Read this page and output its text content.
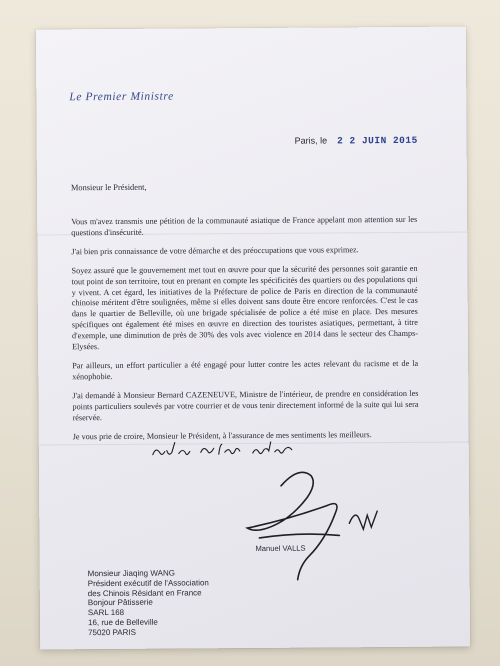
Le Premier Ministre
Paris, le 2 2 JUIN 2015
Monsieur le Président,

Vous m'avez transmis une pétition de la communauté asiatique de France appelant mon attention sur les questions d'insécurité.

J'ai bien pris connaissance de votre démarche et des préoccupations que vous exprimez.

Soyez assuré que le gouvernement met tout en œuvre pour que la sécurité des personnes soit garantie en tout point de son territoire, tout en prenant en compte les spécificités des quartiers ou des populations qui y vivent. A cet égard, les initiatives de la Préfecture de police de Paris en direction de la communauté chinoise méritent d'être soulignées, même si elles doivent sans doute être encore renforcées. C'est le cas dans le quartier de Belleville, où une brigade spécialisée de police a été mise en place. Des mesures spécifiques ont également été mises en œuvre en direction des touristes asiatiques, permettant, à titre d'exemple, une diminution de près de 30% des vols avec violence en 2014 dans le secteur des Champs-Elysées.

Par ailleurs, un effort particulier a été engagé pour lutter contre les actes relevant du racisme et de la xénophobie.

J'ai demandé à Monsieur Bernard CAZENEUVE, Ministre de l'intérieur, de prendre en considération les points particuliers soulevés par votre courrier et de vous tenir directement informé de la suite qui lui sera réservée.

Je vous prie de croire, Monsieur le Président, à l'assurance de mes sentiments les meilleurs.

Manuel VALLS
Monsieur Jiaqing WANG
Président exécutif de l'Association
des Chinois Résidant en France
Bonjour Pâtisserie
SARL 168
16, rue de Belleville
75020 PARIS
